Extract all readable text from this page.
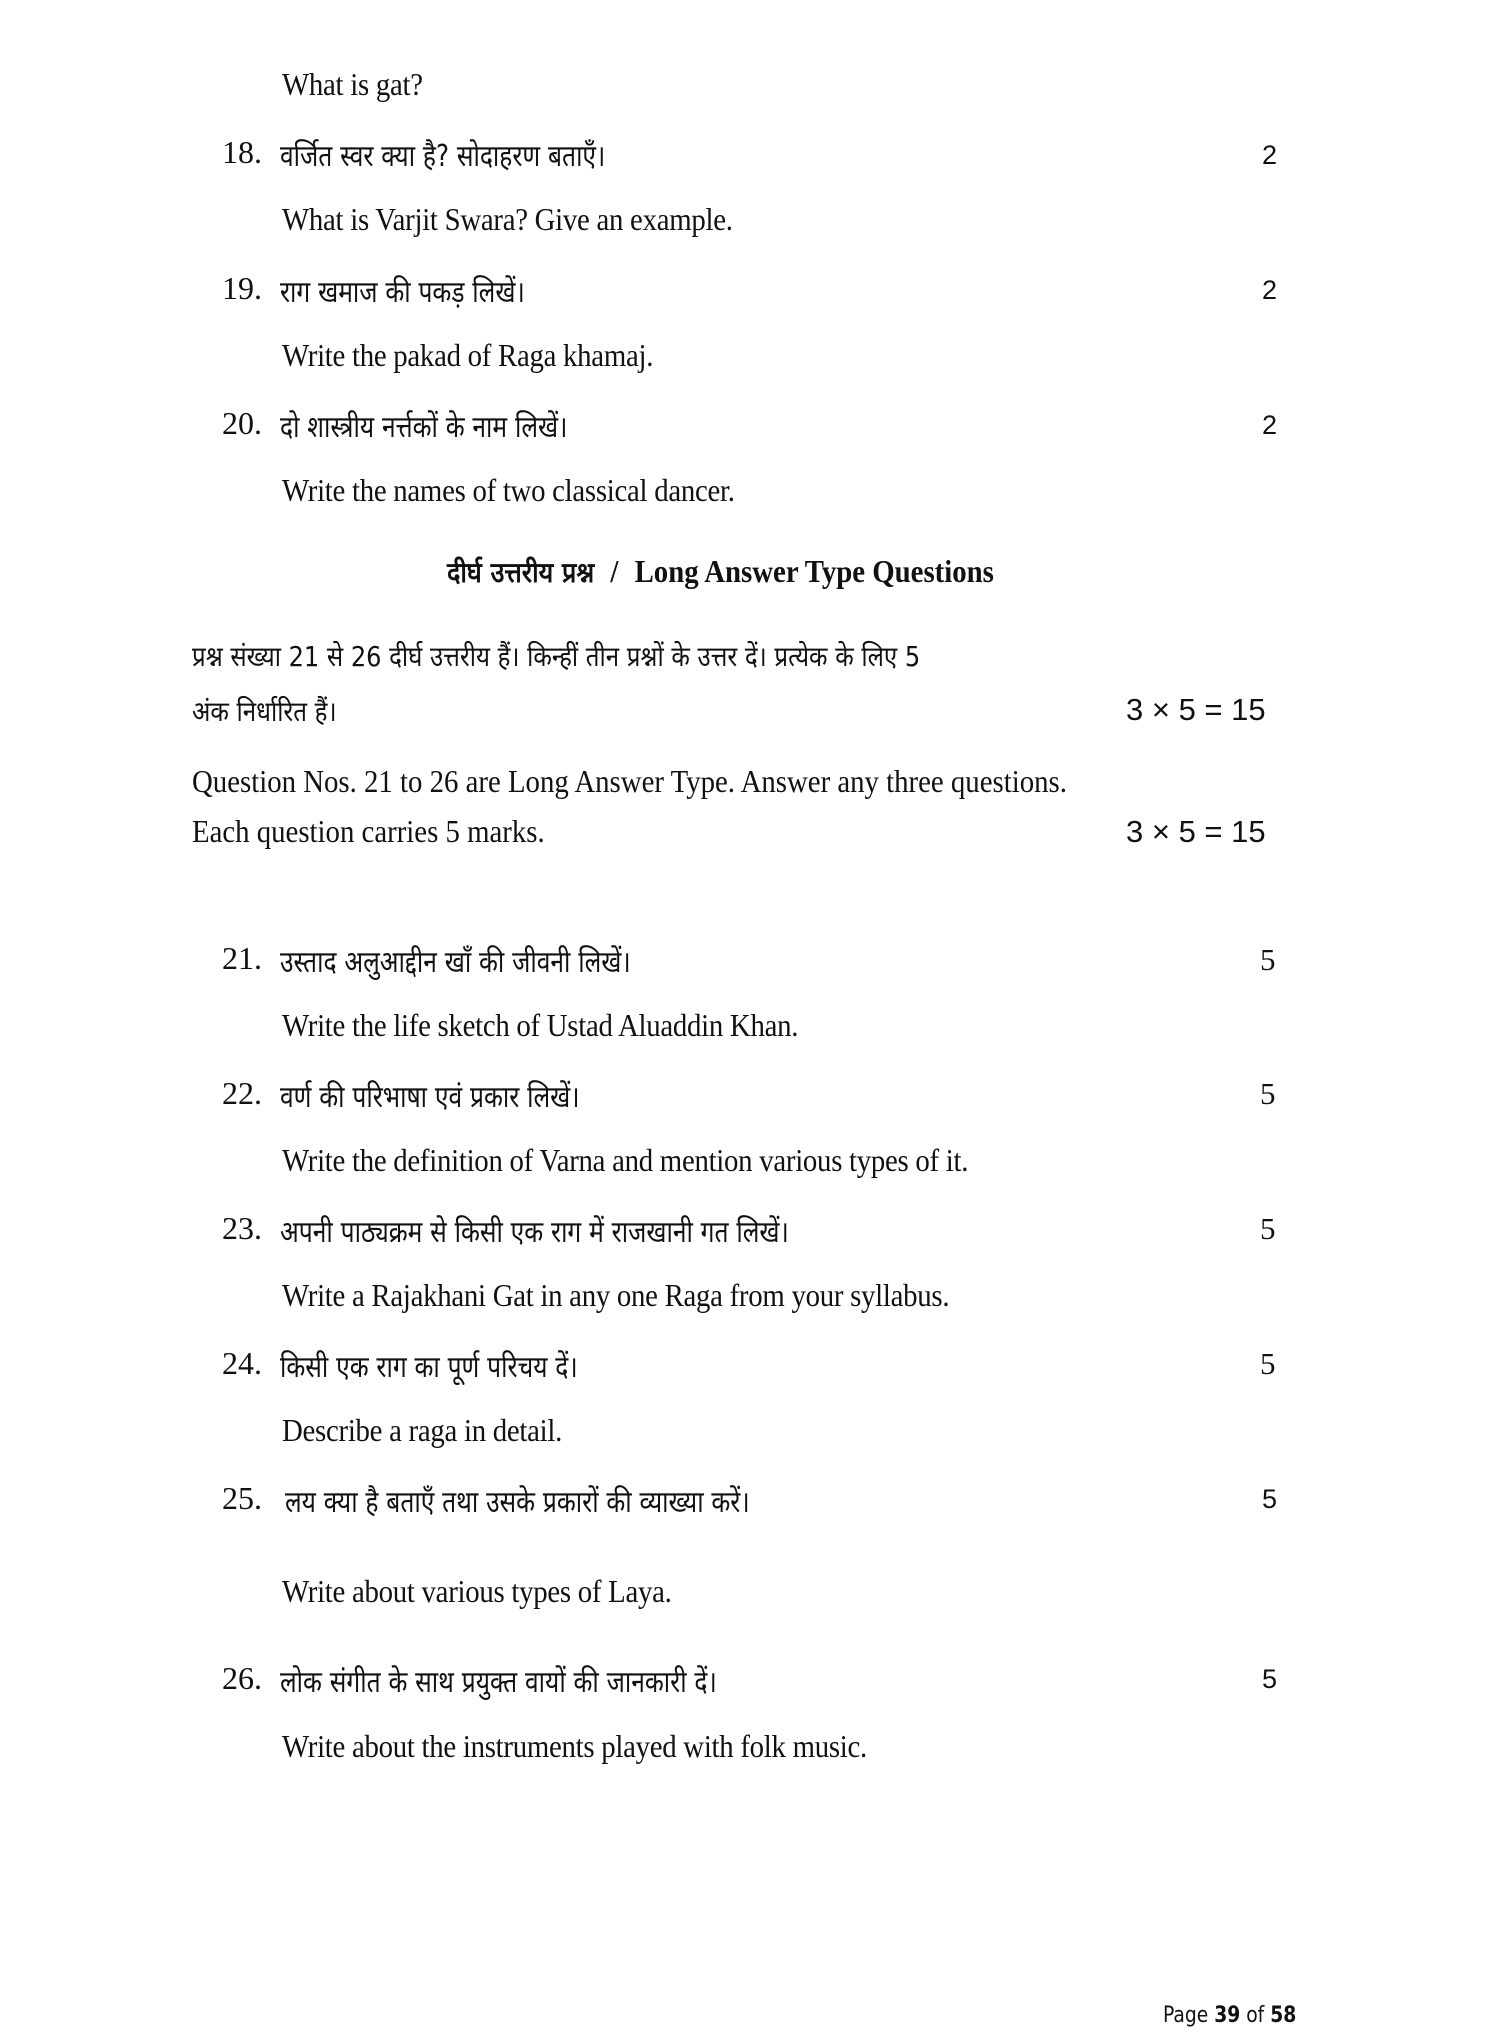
What is gat?
18. वर्जित स्वर क्या है? सोदाहरण बताएँ।	2
What is Varjit Swara? Give an example.
19. राग खमाज की पकड़ लिखें।	2
Write the pakad of Raga khamaj.
20. दो शास्त्रीय नर्त्तकों के नाम लिखें।	2
Write the names of two classical dancer.
दीर्घ उत्तरीय प्रश्न / Long Answer Type Questions
प्रश्न संख्या 21 से 26 दीर्घ उत्तरीय हैं। किन्हीं तीन प्रश्नों के उत्तर दें। प्रत्येक के लिए 5
अंक निर्धारित हैं।	3 × 5 = 15
Question Nos. 21 to 26 are Long Answer Type. Answer any three questions.
Each question carries 5 marks.	3 × 5 = 15
21. उस्ताद अलुआद्दीन खाँ की जीवनी लिखें।	5
Write the life sketch of Ustad Aluaddin Khan.
22. वर्ण की परिभाषा एवं प्रकार लिखें।	5
Write the definition of Varna and mention various types of it.
23. अपनी पाठ्यक्रम से किसी एक राग में राजखानी गत लिखें।	5
Write a Rajakhani Gat in any one Raga from your syllabus.
24. किसी एक राग का पूर्ण परिचय दें।	5
Describe a raga in detail.
25. लय क्या है बताएँ तथा उसके प्रकारों की व्याख्या करें।	5
Write about various types of Laya.
26. लोक संगीत के साथ प्रयुक्त वायों की जानकारी दें।	5
Write about the instruments played with folk music.
Page 39 of 58
